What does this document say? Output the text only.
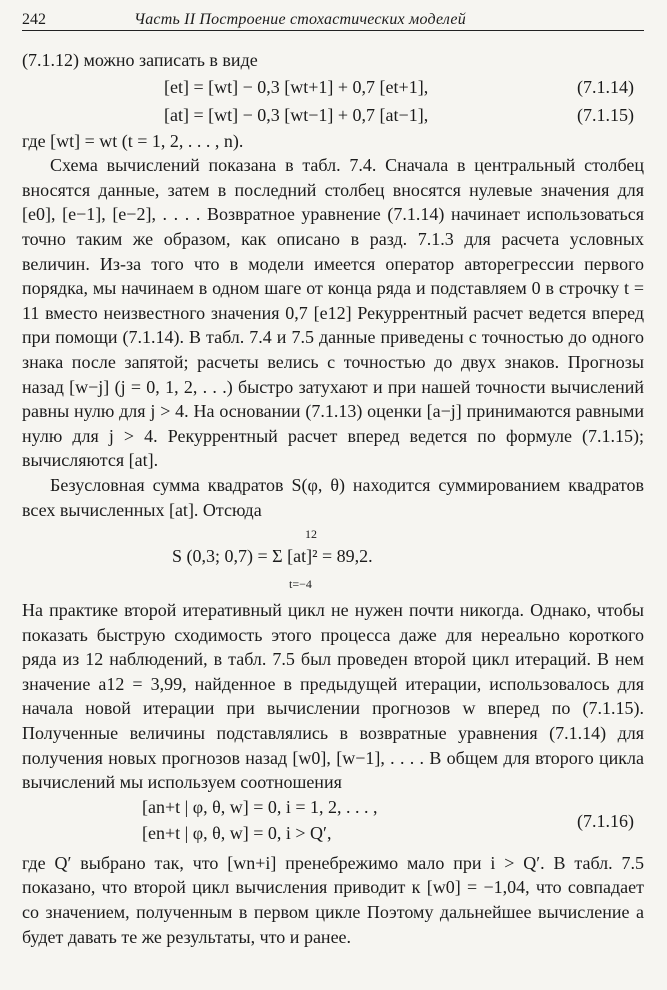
242	Часть II Построение стохастических моделей

(7.1.12) можно записать в виде

[et] = [wt] − 0,3 [wt+1] + 0,7 [et+1],	(7.1.14)
[at] = [wt] − 0,3 [wt−1] + 0,7 [at−1],	(7.1.15)

где [wt] = wt (t = 1, 2, . . . , n).

Схема вычислений показана в табл. 7.4. Сначала в центральный столбец вносятся данные, затем в последний столбец вносятся нулевые значения для [e0], [e−1], [e−2], . . . . Возвратное уравнение (7.1.14) начинает использоваться точно таким же образом, как описано в разд. 7.1.3 для расчета условных величин. Из-за того что в модели имеется оператор авторегрессии первого порядка, мы начинаем в одном шаге от конца ряда и подставляем 0 в строчку t = 11 вместо неизвестного значения 0,7 [e12] Рекуррентный расчет ведется вперед при помощи (7.1.14). В табл. 7.4 и 7.5 данные приведены с точностью до одного знака после запятой; расчеты велись с точностью до двух знаков. Прогнозы назад [w−j] (j = 0, 1, 2, . . .) быстро затухают и при нашей точности вычислений равны нулю для j > 4. На основании (7.1.13) оценки [a−j] принимаются равными нулю для j > 4. Рекуррентный расчет вперед ведется по формуле (7.1.15); вычисляются [at].

Безусловная сумма квадратов S(φ, θ) находится суммированием квадратов всех вычисленных [at]. Отсюда

S (0,3; 0,7) = Σ [at]² = 89,2.
12
t=−4

На практике второй итеративный цикл не нужен почти никогда. Однако, чтобы показать быструю сходимость этого процесса даже для нереально короткого ряда из 12 наблюдений, в табл. 7.5 был проведен второй цикл итераций. В нем значение a12 = 3,99, найденное в предыдущей итерации, использовалось для начала новой итерации при вычислении прогнозов w вперед по (7.1.15). Полученные величины подставлялись в возвратные уравнения (7.1.14) для получения новых прогнозов назад [w0], [w−1], . . . . В общем для второго цикла вычислений мы используем соотношения

[an+t | φ, θ, w] = 0, i = 1, 2, . . . ,
[en+t | φ, θ, w] = 0, i > Q′,
(7.1.16)

где Q′ выбрано так, что [wn+i] пренебрежимо мало при i > Q′. В табл. 7.5 показано, что второй цикл вычисления приводит к [w0] = −1,04, что совпадает со значением, полученным в первом цикле Поэтому дальнейшее вычисление a будет давать те же результаты, что и ранее.
